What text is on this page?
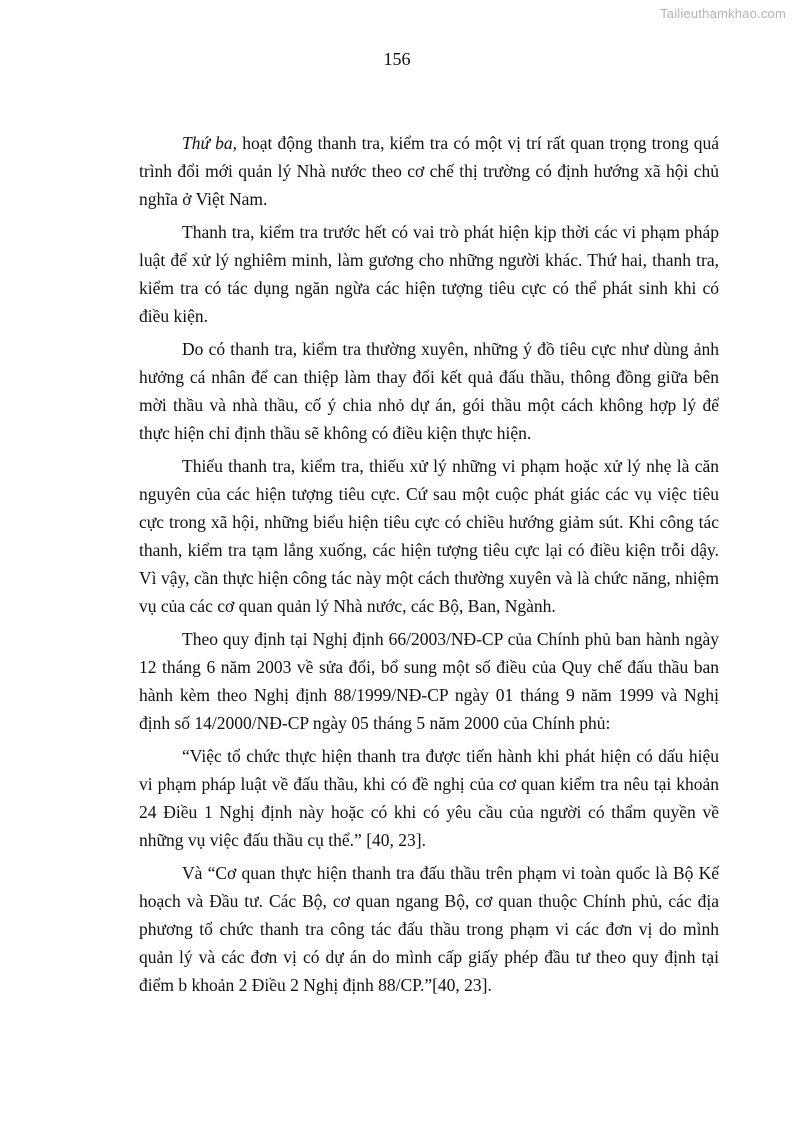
Tailieuthamkhao.com
156

Thứ ba, hoạt động thanh tra, kiểm tra có một vị trí rất quan trọng trong quá trình đổi mới quản lý Nhà nước theo cơ chế thị trường có định hướng xã hội chủ nghĩa ở Việt Nam.

Thanh tra, kiểm tra trước hết có vai trò phát hiện kịp thời các vi phạm pháp luật để xử lý nghiêm minh, làm gương cho những người khác. Thứ hai, thanh tra, kiểm tra có tác dụng ngăn ngừa các hiện tượng tiêu cực có thể phát sinh khi có điều kiện.

Do có thanh tra, kiểm tra thường xuyên, những ý đồ tiêu cực như dùng ảnh hưởng cá nhân để can thiệp làm thay đổi kết quả đấu thầu, thông đồng giữa bên mời thầu và nhà thầu, cố ý chia nhỏ dự án, gói thầu một cách không hợp lý để thực hiện chỉ định thầu sẽ không có điều kiện thực hiện.

Thiếu thanh tra, kiểm tra, thiếu xử lý những vi phạm hoặc xử lý nhẹ là căn nguyên của các hiện tượng tiêu cực. Cứ sau một cuộc phát giác các vụ việc tiêu cực trong xã hội, những biểu hiện tiêu cực có chiều hướng giảm sút. Khi công tác thanh, kiểm tra tạm lắng xuống, các hiện tượng tiêu cực lại có điều kiện trỗi dậy. Vì vậy, cần thực hiện công tác này một cách thường xuyên và là chức năng, nhiệm vụ của các cơ quan quản lý Nhà nước, các Bộ, Ban, Ngành.

Theo quy định tại Nghị định 66/2003/NĐ-CP của Chính phủ ban hành ngày 12 tháng 6 năm 2003 về sửa đổi, bổ sung một số điều của Quy chế đấu thầu ban hành kèm theo Nghị định 88/1999/NĐ-CP ngày 01 tháng 9 năm 1999 và Nghị định số 14/2000/NĐ-CP ngày 05 tháng 5 năm 2000 của Chính phủ:

“Việc tổ chức thực hiện thanh tra được tiến hành khi phát hiện có dấu hiệu vi phạm pháp luật về đấu thầu, khi có đề nghị của cơ quan kiểm tra nêu tại khoản 24 Điều 1 Nghị định này hoặc có khi có yêu cầu của người có thẩm quyền về những vụ việc đấu thầu cụ thể.” [40, 23].

Và “Cơ quan thực hiện thanh tra đấu thầu trên phạm vi toàn quốc là Bộ Kế hoạch và Đầu tư. Các Bộ, cơ quan ngang Bộ, cơ quan thuộc Chính phủ, các địa phương tổ chức thanh tra công tác đấu thầu trong phạm vi các đơn vị do mình quản lý và các đơn vị có dự án do mình cấp giấy phép đầu tư theo quy định tại điểm b khoản 2 Điều 2 Nghị định 88/CP.”[40, 23].
